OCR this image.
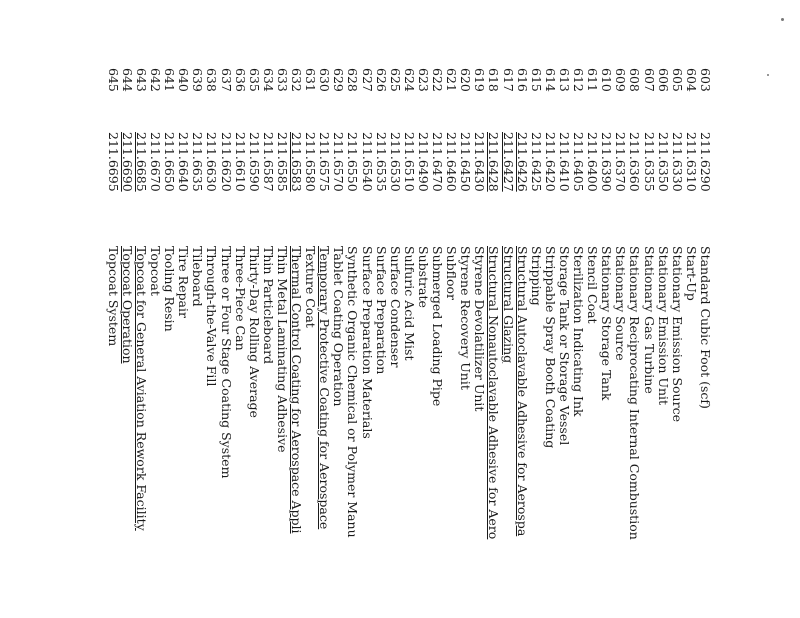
603
211.6290
Standard Cubic Foot (scf)
604
211.6310
Start-Up
605
211.6330
Stationary Emission Source
606
211.6350
Stationary Emission Unit
607
211.6355
Stationary Gas Turbine
608
211.6360
Stationary Reciprocating Internal Combustion
609
211.6370
Stationary Source
610
211.6390
Stationary Storage Tank
611
211.6400
Stencil Coat
612
211.6405
Sterilization Indicating Ink
613
211.6410
Storage Tank or Storage Vessel
614
211.6420
Strippable Spray Booth Coating
615
211.6425
Stripping
616
211.6426
Structural Autoclavable Adhesive for Aerospa
617
211.6427
Structural Glazing
618
211.6428
Structural Nonautoclavable Adhesive for Aero
619
211.6430
Styrene Devolatilizer Unit
620
211.6450
Styrene Recovery Unit
621
211.6460
Subfloor
622
211.6470
Submerged Loading Pipe
623
211.6490
Substrate
624
211.6510
Sulfuric Acid Mist
625
211.6530
Surface Condenser
626
211.6535
Surface Preparation
627
211.6540
Surface Preparation Materials
628
211.6550
Synthetic Organic Chemical or Polymer Manu
629
211.6570
Tablet Coating Operation
630
211.6575
Temporary Protective Coating for Aerospace
631
211.6580
Texture Coat
632
211.6583
Thermal Control Coating for Aerospace Appli
633
211.6585
Thin Metal Laminating Adhesive
634
211.6587
Thin Particleboard
635
211.6590
Thirty-Day Rolling Average
636
211.6610
Three-Piece Can
637
211.6620
Three or Four Stage Coating System
638
211.6630
Through-the-Valve Fill
639
211.6635
Tileboard
640
211.6640
Tire Repair
641
211.6650
Tooling Resin
642
211.6670
Topcoat
643
211.6685
Topcoat for General Aviation Rework Facility
644
211.6690
Topcoat Operation
645
211.6695
Topcoat System
